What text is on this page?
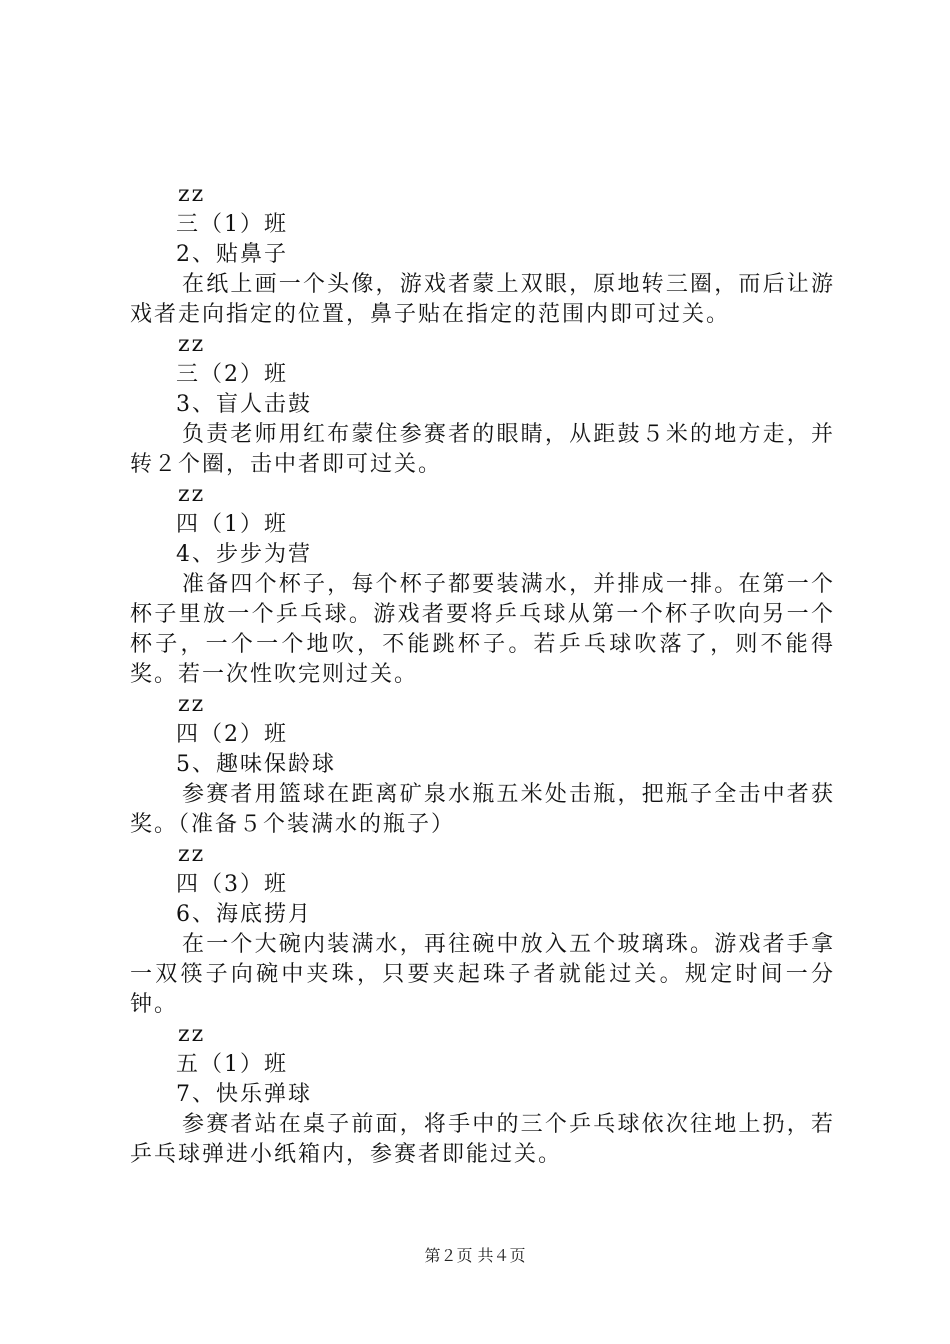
zz
三（1）班
2、贴鼻子

在纸上画一个头像，游戏者蒙上双眼，原地转三圈，而后让游戏者走向指定的位置，鼻子贴在指定的范围内即可过关。

zz
三（2）班
3、盲人击鼓

负责老师用红布蒙住参赛者的眼睛，从距鼓５米的地方走，并转２个圈，击中者即可过关。

zz
四（1）班
4、步步为营

准备四个杯子，每个杯子都要装满水，并排成一排。在第一个杯子里放一个乒乓球。游戏者要将乒乓球从第一个杯子吹向另一个杯子，一个一个地吹，不能跳杯子。若乒乓球吹落了，则不能得奖。若一次性吹完则过关。

zz
四（2）班
5、趣味保龄球

参赛者用篮球在距离矿泉水瓶五米处击瓶，把瓶子全击中者获奖。（准备５个装满水的瓶子）

zz
四（3）班
6、海底捞月

在一个大碗内装满水，再往碗中放入五个玻璃珠。游戏者手拿一双筷子向碗中夹珠，只要夹起珠子者就能过关。规定时间一分钟。

zz
五（1）班
7、快乐弹球

参赛者站在桌子前面，将手中的三个乒乓球依次往地上扔，若乒乓球弹进小纸箱内，参赛者即能过关。

第２页 共４页
